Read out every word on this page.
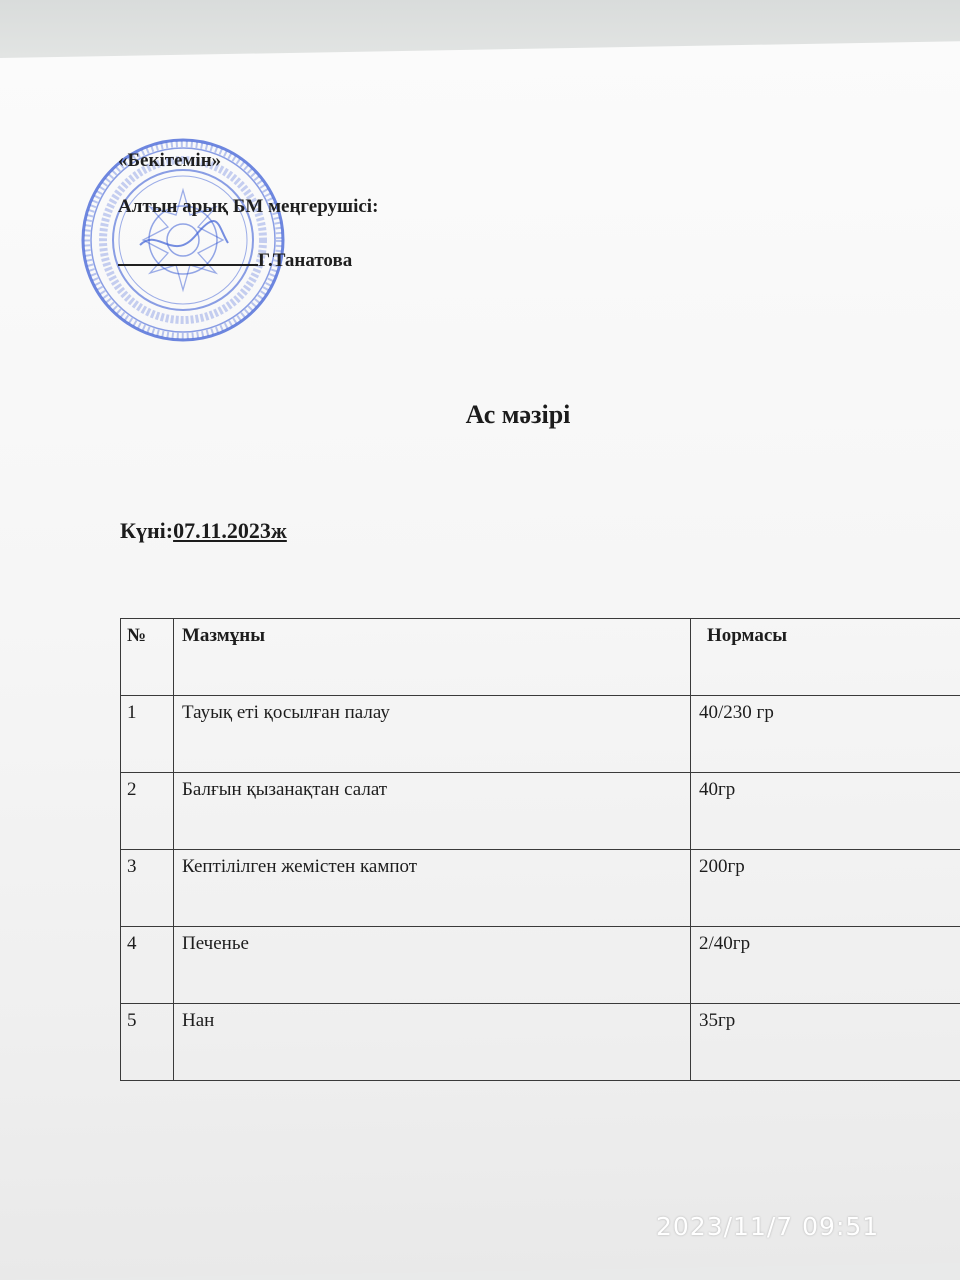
«Бекітемін»
Алтын арық БМ меңгерушісі:
Г.Танатова
Ас мәзірі
Күні:07.11.2023ж
№	Мазмұны	Нормасы
1	Тауық еті қосылған палау	40/230 гр
2	Балғын қызанақтан салат	40гр
3	Кептілілген жемістен кампот	200гр
4	Печенье	2/40гр
5	Нан	35гр
2023/11/7 09:51
